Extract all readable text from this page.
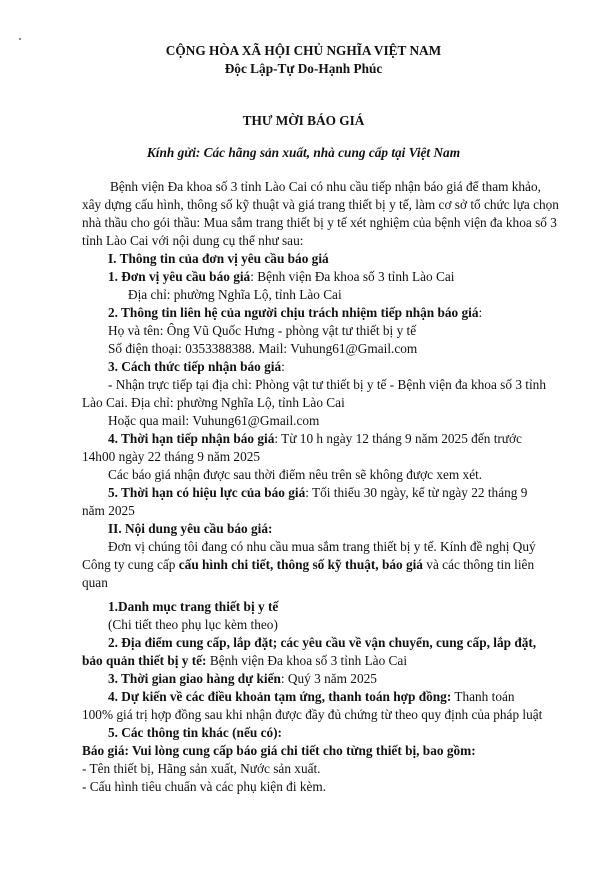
CỘNG HÒA XÃ HỘI CHỦ NGHĨA VIỆT NAM
Độc Lập-Tự Do-Hạnh Phúc
THƯ MỜI BÁO GIÁ
Kính gửi: Các hãng sản xuất, nhà cung cấp tại Việt Nam
Bệnh viện Đa khoa số 3 tỉnh Lào Cai có nhu cầu tiếp nhận báo giá để tham khảo,
xây dựng cấu hình, thông số kỹ thuật và giá trang thiết bị y tế, làm cơ sở tổ chức lựa chọn
nhà thầu cho gói thầu: Mua sắm trang thiết bị y tế xét nghiệm của bệnh viện đa khoa số 3
tỉnh Lào Cai với nội dung cụ thể như sau:
I. Thông tin của đơn vị yêu cầu báo giá
1. Đơn vị yêu cầu báo giá: Bệnh viện Đa khoa số 3 tỉnh Lào Cai
Địa chỉ: phường Nghĩa Lộ, tỉnh Lào Cai
2. Thông tin liên hệ của người chịu trách nhiệm tiếp nhận báo giá:
Họ và tên: Ông Vũ Quốc Hưng - phòng vật tư thiết bị y tế
Số điện thoại: 0353388388. Mail: Vuhung61@Gmail.com
3. Cách thức tiếp nhận báo giá:
- Nhận trực tiếp tại địa chỉ: Phòng vật tư thiết bị y tế - Bệnh viện đa khoa số 3 tỉnh
Lào Cai. Địa chỉ: phường Nghĩa Lộ, tỉnh Lào Cai
Hoặc qua mail: Vuhung61@Gmail.com
4. Thời hạn tiếp nhận báo giá: Từ 10 h ngày 12 tháng 9 năm 2025 đến trước
14h00 ngày 22 tháng 9 năm 2025
Các báo giá nhận được sau thời điểm nêu trên sẽ không được xem xét.
5. Thời hạn có hiệu lực của báo giá: Tối thiểu 30 ngày, kể từ ngày 22 tháng 9
năm 2025
II. Nội dung yêu cầu báo giá:
Đơn vị chúng tôi đang có nhu cầu mua sắm trang thiết bị y tế. Kính đề nghị Quý
Công ty cung cấp cấu hình chi tiết, thông số kỹ thuật, báo giá và các thông tin liên
quan
1.Danh mục trang thiết bị y tế
(Chi tiết theo phụ lục kèm theo)
2. Địa điểm cung cấp, lắp đặt; các yêu cầu về vận chuyển, cung cấp, lắp đặt,
bảo quản thiết bị y tế: Bệnh viện Đa khoa số 3 tỉnh Lào Cai
3. Thời gian giao hàng dự kiến: Quý 3 năm 2025
4. Dự kiến về các điều khoản tạm ứng, thanh toán hợp đồng: Thanh toán
100% giá trị hợp đồng sau khi nhận được đầy đủ chứng từ theo quy định của pháp luật
5. Các thông tin khác (nếu có):
Báo giá: Vui lòng cung cấp báo giá chi tiết cho từng thiết bị, bao gồm:
- Tên thiết bị, Hãng sản xuất, Nước sản xuất.
- Cấu hình tiêu chuẩn và các phụ kiện đi kèm.
